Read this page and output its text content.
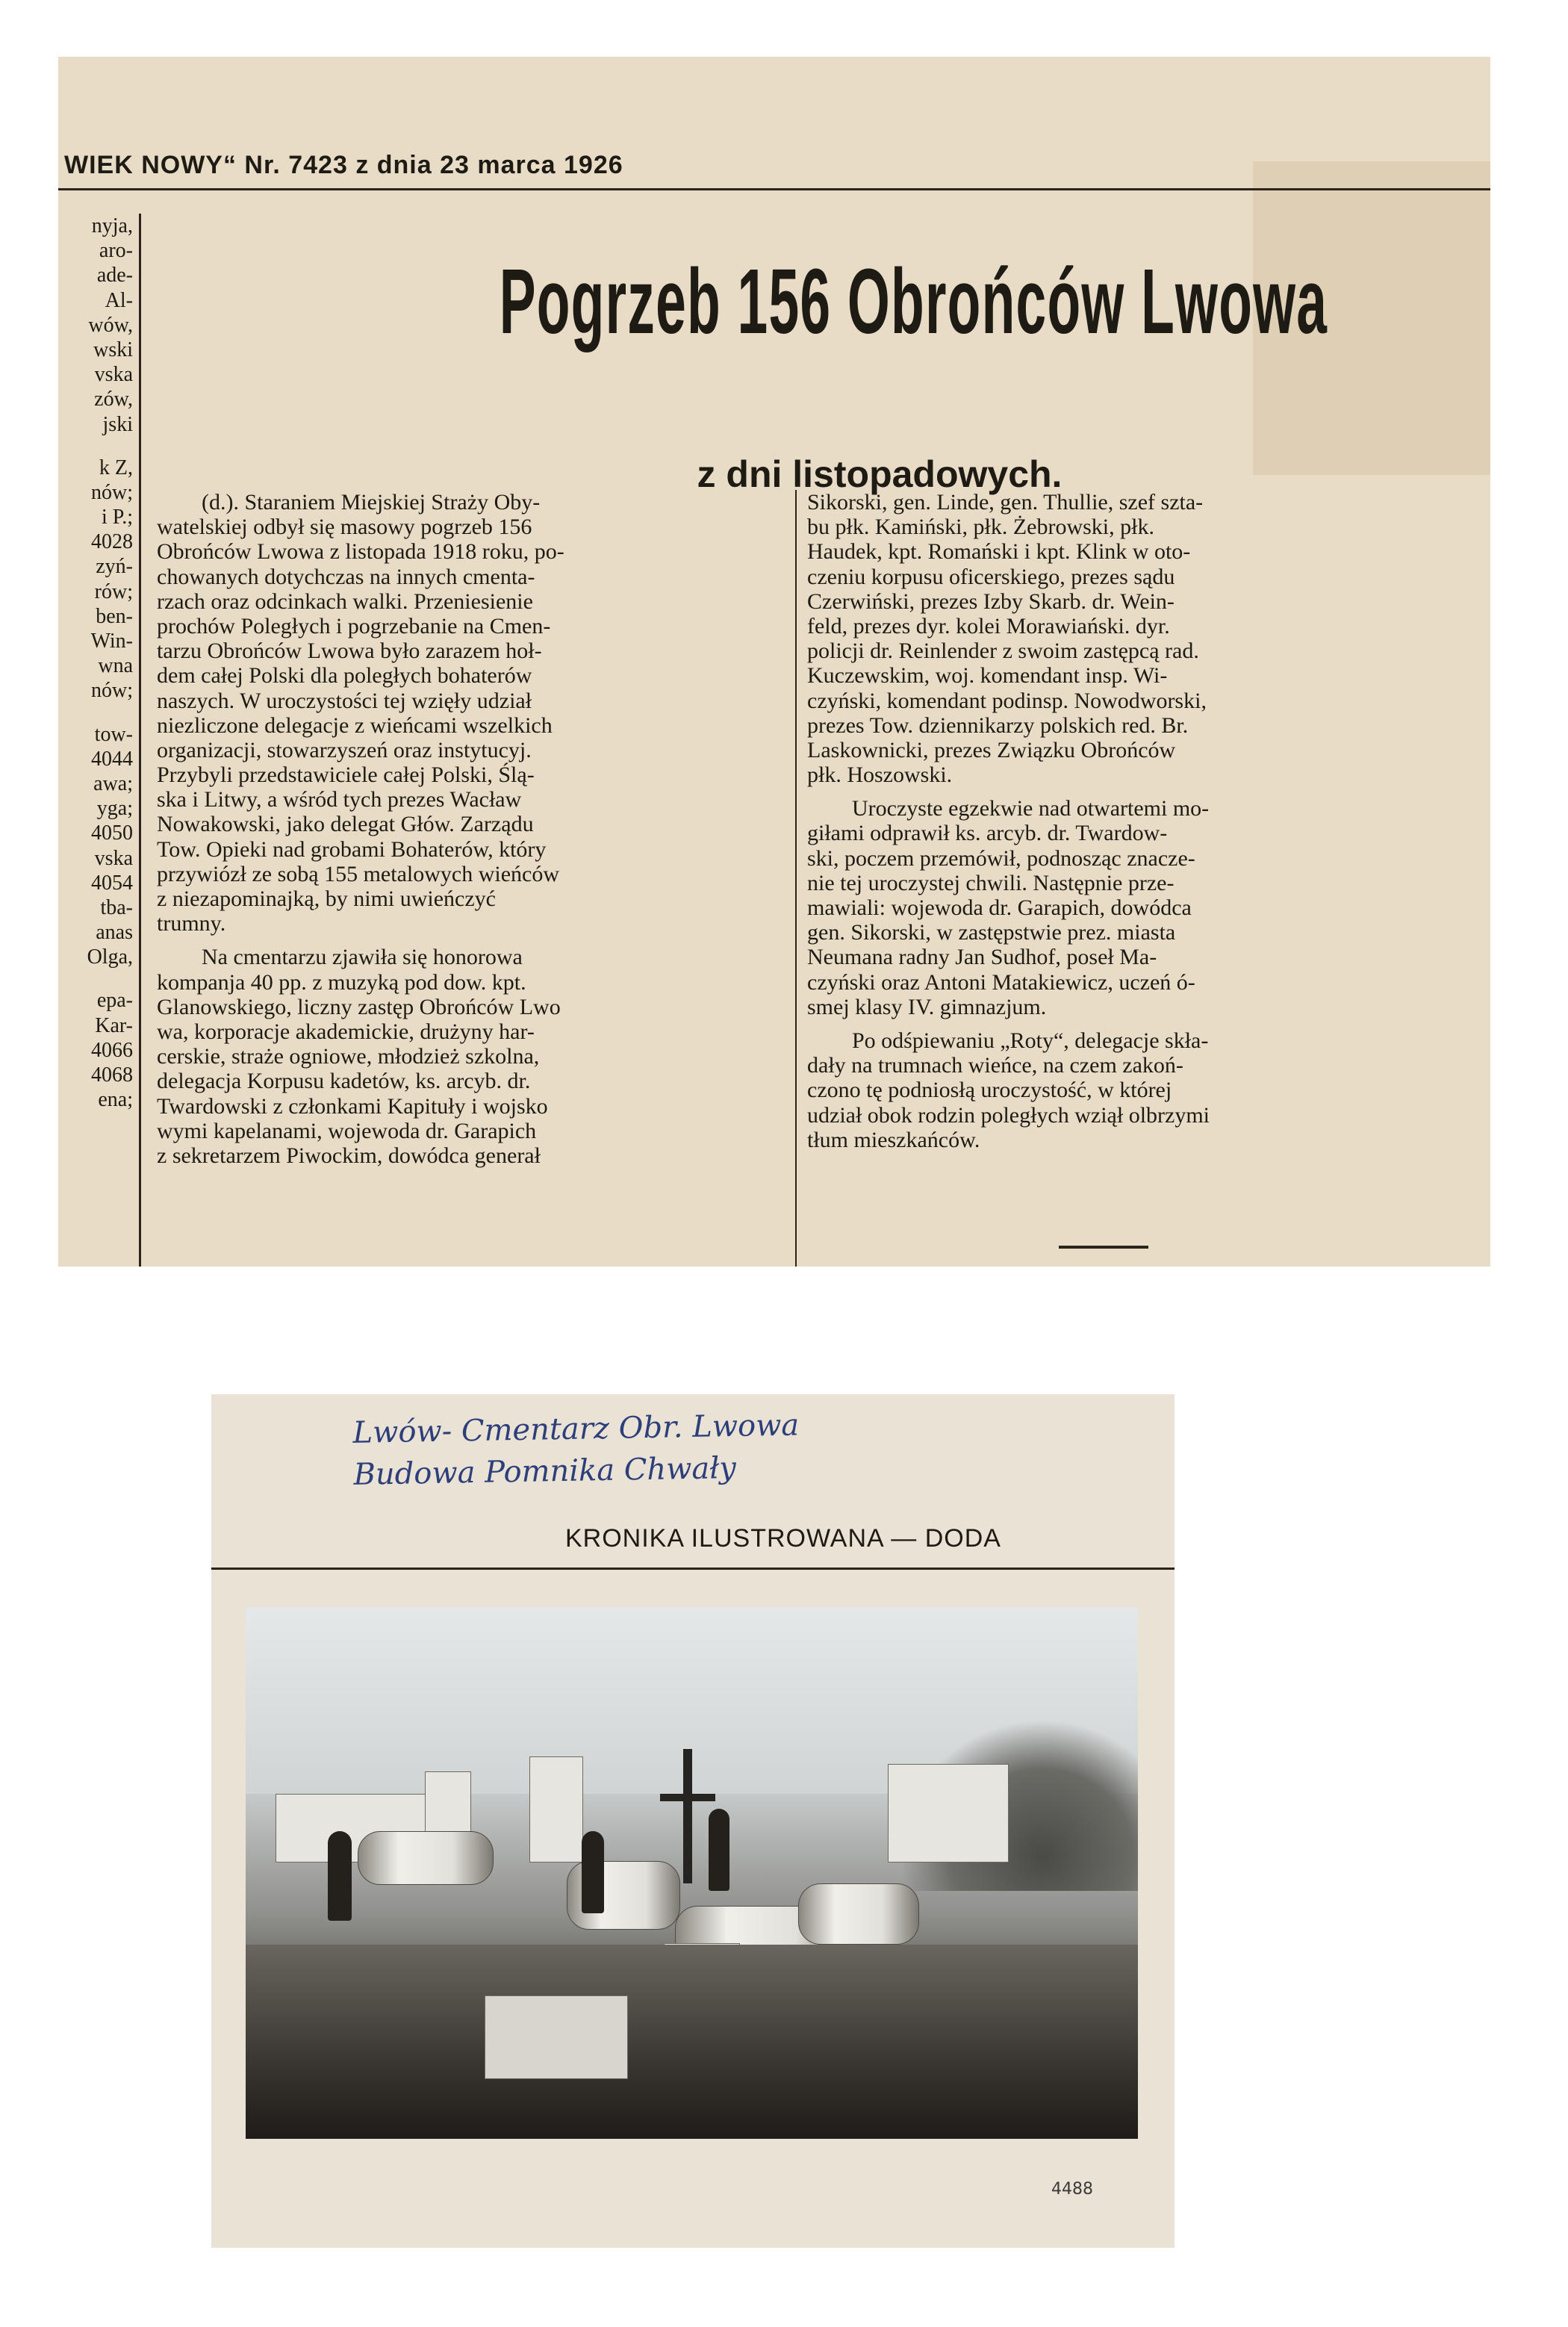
WIEK NOWY“ Nr. 7423 z dnia 23 marca 1926
nyja,
aro-
ade-
Al-
wów,
wski
vska
zów,
jski
k Z,
nów;
i P.;
4028
zyń-
rów;
ben-
Win-
wna
nów;
tow-
4044
awa;
yga;
4050
vska
4054
tba-
anas
Olga,
epa-
Kar-
4066
4068
ena;
Pogrzeb 156 Obrońców Lwowa
z dni listopadowych.
(d.). Staraniem Miejskiej Straży Oby-
watelskiej odbył się masowy pogrzeb 156
Obrońców Lwowa z listopada 1918 roku, po-
chowanych dotychczas na innych cmenta-
rzach oraz odcinkach walki. Przeniesienie
prochów Poległych i pogrzebanie na Cmen-
tarzu Obrońców Lwowa było zarazem hoł-
dem całej Polski dla poległych bohaterów
naszych. W uroczystości tej wzięły udział
niezliczone delegacje z wieńcami wszelkich
organizacji, stowarzyszeń oraz instytucyj.
Przybyli przedstawiciele całej Polski, Ślą-
ska i Litwy, a wśród tych prezes Wacław
Nowakowski, jako delegat Głów. Zarządu
Tow. Opieki nad grobami Bohaterów, który
przywiózł ze sobą 155 metalowych wieńców
z niezapominajką, by nimi uwieńczyć
trumny.
Na cmentarzu zjawiła się honorowa
kompanja 40 pp. z muzyką pod dow. kpt.
Glanowskiego, liczny zastęp Obrońców Lwo
wa, korporacje akademickie, drużyny har-
cerskie, straże ogniowe, młodzież szkolna,
delegacja Korpusu kadetów, ks. arcyb. dr.
Twardowski z członkami Kapituły i wojsko
wymi kapelanami, wojewoda dr. Garapich
z sekretarzem Piwockim, dowódca generał
Sikorski, gen. Linde, gen. Thullie, szef szta-
bu płk. Kamiński, płk. Żebrowski, płk.
Haudek, kpt. Romański i kpt. Klink w oto-
czeniu korpusu oficerskiego, prezes sądu
Czerwiński, prezes Izby Skarb. dr. Wein-
feld, prezes dyr. kolei Morawiański. dyr.
policji dr. Reinlender z swoim zastępcą rad.
Kuczewskim, woj. komendant insp. Wi-
czyński, komendant podinsp. Nowodworski,
prezes Tow. dziennikarzy polskich red. Br.
Laskownicki, prezes Związku Obrońców
płk. Hoszowski.
Uroczyste egzekwie nad otwartemi mo-
giłami odprawił ks. arcyb. dr. Twardow-
ski, poczem przemówił, podnosząc znacze-
nie tej uroczystej chwili. Następnie prze-
mawiali: wojewoda dr. Garapich, dowódca
gen. Sikorski, w zastępstwie prez. miasta
Neumana radny Jan Sudhof, poseł Ma-
czyński oraz Antoni Matakiewicz, uczeń ó-
smej klasy IV. gimnazjum.
Po odśpiewaniu „Roty“, delegacje skła-
dały na trumnach wieńce, na czem zakoń-
czono tę podniosłą uroczystość, w której
udział obok rodzin poległych wziął olbrzymi
tłum mieszkańców.
Lwów- Cmentarz Obr. Lwowa
Budowa Pomnika Chwały
KRONIKA ILUSTROWANA — DODA
4488
